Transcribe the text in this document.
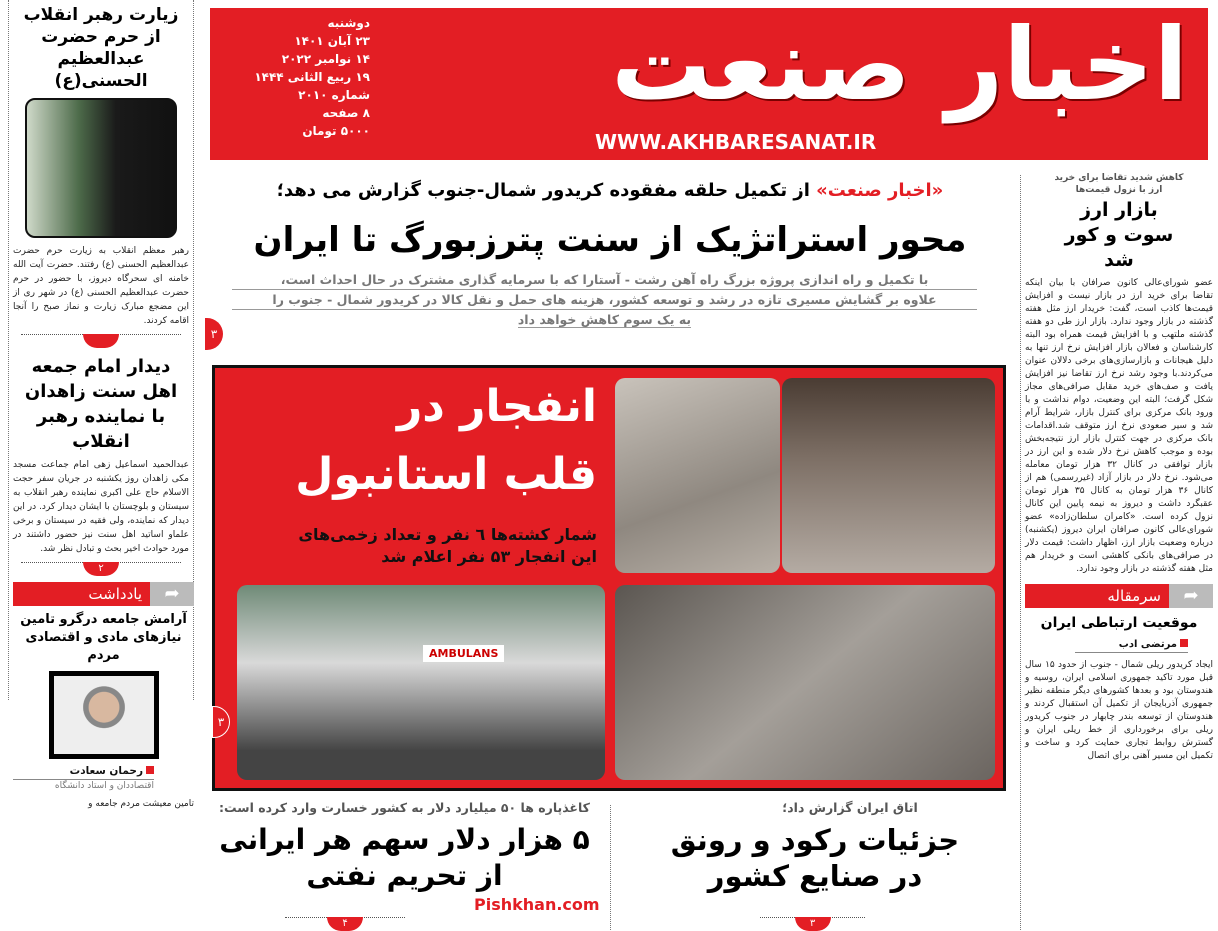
اخبار صنعت
WWW.AKHBARESANAT.IR
دوشنبه
۲۳ آبان ۱۴۰۱
۱۴ نوامبر ۲۰۲۲
۱۹ ربیع الثانی ۱۴۴۴
شماره ۲۰۱۰
۸ صفحه
۵۰۰۰ تومان
«اخبار صنعت» از تکمیل حلقه مفقوده کریدور شمال-جنوب گزارش می دهد؛
محور استراتژیک از سنت پترزبورگ تا ایران
با تکمیل و راه اندازی پروژه بزرگ راه آهن رشت - آستارا که با سرمایه گذاری مشترک در حال احداث است،
علاوه بر گشایش مسیری تازه در رشد و توسعه کشور، هزینه های حمل و نقل کالا در کریدور شمال - جنوب را
به یک سوم کاهش خواهد داد
۳
انفجار در
قلب استانبول
شمار کشته‌ها ٦ نفر و تعداد زخمی‌های
این انفجار ۵۳ نفر اعلام شد
AMBULANS
۳
کاغذپاره ها ۵۰ میلیارد دلار به کشور خسارت وارد کرده است:
۵ هزار دلار سهم هر ایرانی
از تحریم نفتی
Pishkhan.com
۴
اتاق ایران گزارش داد؛
جزئیات رکود و رونق
در صنایع کشور
۳
زیارت رهبر انقلاب از حرم حضرت عبدالعظیم الحسنی(ع)
رهبر معظم انقلاب به زیارت حرم حضرت عبدالعظیم الحسنی (ع) رفتند. حضرت آیت الله خامنه ای سحرگاه دیروز، با حضور در حرم حضرت عبدالعظیم الحسنی (ع) در شهر ری از این مضجع مبارک زیارت و نماز صبح را آنجا اقامه کردند.
دیدار امام جمعه اهل سنت زاهدان با نماینده رهبر انقلاب
عبدالحمید اسماعیل زهی امام جماعت مسجد مکی زاهدان روز یکشنبه در جریان سفر حجت الاسلام حاج علی اکبری نماینده رهبر انقلاب به سیستان و بلوچستان با ایشان دیدار کرد. در این دیدار که نماینده، ولی فقیه در سیستان و برخی علماو اساتید اهل سنت نیز حضور داشتند در مورد حوادث اخیر بحث و تبادل نظر شد.
۲
یادداشت	➦
آرامش جامعه درگرو تامین نیازهای مادی و اقتصادی مردم
رحمان سعادت
اقتصاددان و استاد دانشگاه
تامین معیشت مردم جامعه و
کاهش شدید تقاضا برای خرید ارز با نزول قیمت‌ها
بازار ارز سوت و کور شد
عضو شورای‌عالی کانون صرافان با بیان اینکه تقاضا برای خرید ارز در بازار نیست و افزایش قیمت‌ها کاذب است، گفت: خریدار ارز مثل هفته گذشته در بازار وجود ندارد. بازار ارز طی دو هفته گذشته ملتهب و با افزایش قیمت همراه بود البته کارشناسان و فعالان بازار افزایش نرخ ارز تنها به دلیل هیجانات و بازارسازی‌های برخی دلالان عنوان می‌کردند.با وجود رشد نرخ ارز تقاضا نیز افزایش یافت و صف‌های خرید مقابل صرافی‌های مجاز شکل گرفت؛ البته این وضعیت، دوام نداشت و با ورود بانک مرکزی برای کنترل بازار، شرایط آرام شد و سیر صعودی نرخ ارز متوقف شد.اقدامات بانک مرکزی در جهت کنترل بازار ارز نتیجه‌بخش بوده و موجب کاهش نرخ دلار شده و این ارز در بازار توافقی در کانال ۳۲ هزار تومان معامله می‌شود. نرخ دلار در بازار آزاد (غیررسمی) هم از کانال ۳۶ هزار تومان به کانال ۳۵ هزار تومان عقبگرد داشت و دیروز به نیمه پایین این کانال نزول کرده است. «کامران سلطان‌زاده» عضو شورای‌عالی کانون صرافان ایران دیروز (یکشنبه) درباره وضعیت بازار ارز، اظهار داشت: قیمت دلار در صرافی‌های بانکی کاهشی است و خریدار هم مثل هفته گذشته در بازار وجود ندارد.
سرمقاله	➦
موقعیت ارتباطی ایران
مرتضی ادب
ایجاد کریدور ریلی شمال - جنوب از حدود ۱۵ سال قبل مورد تاکید جمهوری اسلامی ایران، روسیه و هندوستان بود و بعدها کشورهای دیگر منطقه نظیر جمهوری آذربایجان از تکمیل آن استقبال کردند و هندوستان از توسعه بندر چابهار در جنوب کریدور ریلی برای برخورداری از خط ریلی ایران و گسترش روابط تجاری حمایت کرد و ساخت و تکمیل این مسیر آهنی برای اتصال
